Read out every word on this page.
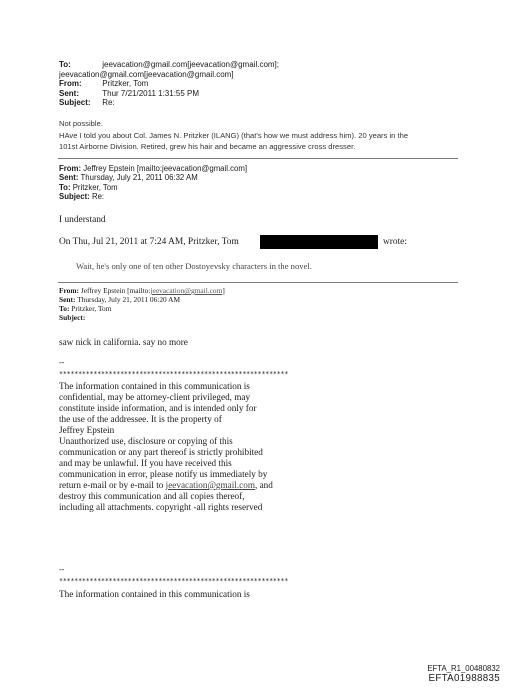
To:	jeevacation@gmail.com[jeevacation@gmail.com];
jeevacation@gmail.com[jeevacation@gmail.com]
From:	Pritzker, Tom
Sent:	Thur 7/21/2011 1:31:55 PM
Subject: Re:
Not possible.
HAve I told you about Col. James N. Pritzker (ILANG) (that's how we must address him). 20 years in the
101st Airborne Division. Retired, grew his hair and became an aggressive cross dresser.
From: Jeffrey Epstein [mailto:jeevacation@gmail.com]
Sent: Thursday, July 21, 2011 06:32 AM
To: Pritzker, Tom
Subject: Re:
I understand
On Thu, Jul 21, 2011 at 7:24 AM, Pritzker, Tom	wrote:
Wait, he's only one of ten other Dostoyevsky characters in the novel.
From: Jeffrey Epstein [mailto:jeevacation@gmail.com]
Sent: Thursday, July 21, 2011 06:20 AM
To: Pritzker, Tom
Subject:
saw nick in california. say no more
--
************************************************************
The information contained in this communication is
confidential, may be attorney-client privileged, may
constitute inside information, and is intended only for
the use of the addressee. It is the property of
Jeffrey Epstein
Unauthorized use, disclosure or copying of this
communication or any part thereof is strictly prohibited
and may be unlawful. If you have received this
communication in error, please notify us immediately by
return e-mail or by e-mail to jeevacation@gmail.com, and
destroy this communication and all copies thereof,
including all attachments. copyright -all rights reserved
--
************************************************************
The information contained in this communication is
EFTA_R1_00480832
EFTA01988835
